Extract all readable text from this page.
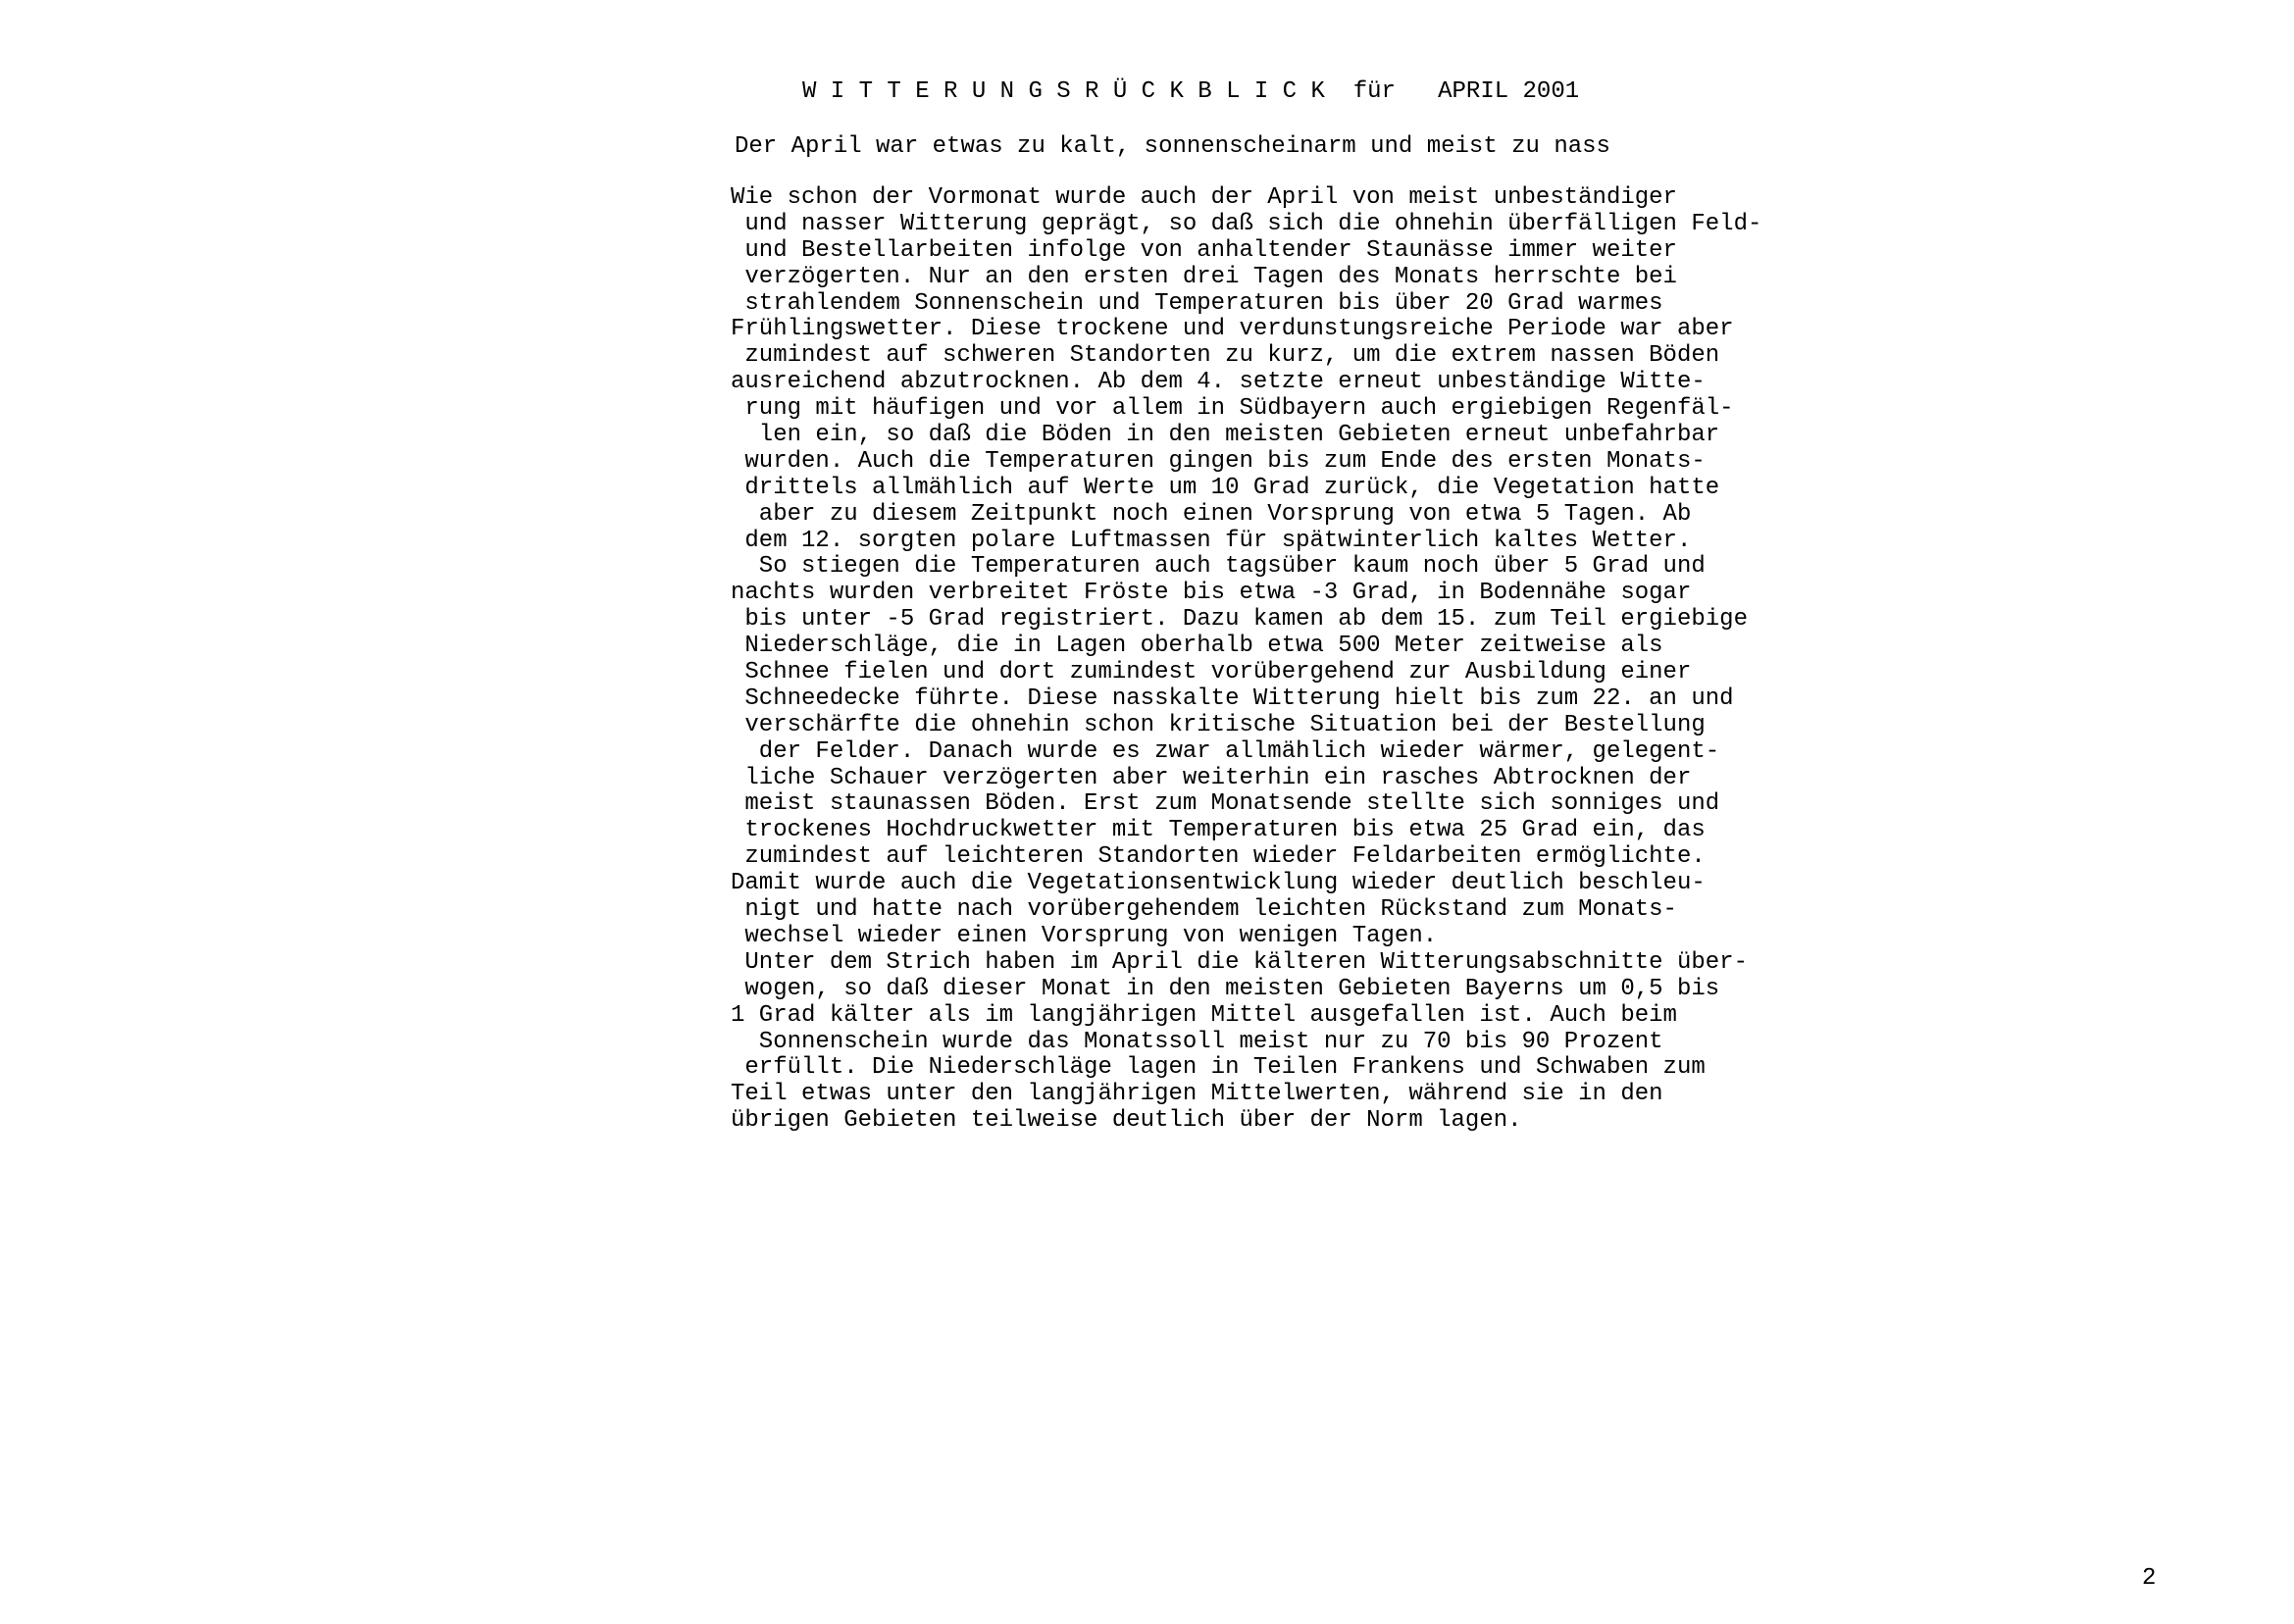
W I T T E R U N G S R Ü C K B L I C K  für   APRIL 2001
Der April war etwas zu kalt, sonnenscheinarm und meist zu nass
Wie schon der Vormonat wurde auch der April von meist unbeständiger
und nasser Witterung geprägt, so daß sich die ohnehin überfälligen Feld-
und Bestellarbeiten infolge von anhaltender Staunässe immer weiter
verzögerten. Nur an den ersten drei Tagen des Monats herrschte bei
strahlendem Sonnenschein und Temperaturen bis über 20 Grad warmes
Frühlingswetter. Diese trockene und verdunstungsreiche Periode war aber
zumindest auf schweren Standorten zu kurz, um die extrem nassen Böden
ausreichend abzutrocknen. Ab dem 4. setzte erneut unbeständige Witte-
rung mit häufigen und vor allem in Südbayern auch ergiebigen Regenfäl-
len ein, so daß die Böden in den meisten Gebieten erneut unbefahrbar
wurden. Auch die Temperaturen gingen bis zum Ende des ersten Monats-
drittels allmählich auf Werte um 10 Grad zurück, die Vegetation hatte
aber zu diesem Zeitpunkt noch einen Vorsprung von etwa 5 Tagen. Ab
dem 12. sorgten polare Luftmassen für spätwinterlich kaltes Wetter.
So stiegen die Temperaturen auch tagsüber kaum noch über 5 Grad und
nachts wurden verbreitet Fröste bis etwa -3 Grad, in Bodennähe sogar
bis unter -5 Grad registriert. Dazu kamen ab dem 15. zum Teil ergiebige
Niederschläge, die in Lagen oberhalb etwa 500 Meter zeitweise als
Schnee fielen und dort zumindest vorübergehend zur Ausbildung einer
Schneedecke führte. Diese nasskalte Witterung hielt bis zum 22. an und
verschärfte die ohnehin schon kritische Situation bei der Bestellung
der Felder. Danach wurde es zwar allmählich wieder wärmer, gelegent-
liche Schauer verzögerten aber weiterhin ein rasches Abtrocknen der
meist staunassen Böden. Erst zum Monatsende stellte sich sonniges und
trockenes Hochdruckwetter mit Temperaturen bis etwa 25 Grad ein, das
zumindest auf leichteren Standorten wieder Feldarbeiten ermöglichte.
Damit wurde auch die Vegetationsentwicklung wieder deutlich beschleu-
nigt und hatte nach vorübergehendem leichten Rückstand zum Monats-
wechsel wieder einen Vorsprung von wenigen Tagen.
Unter dem Strich haben im April die kälteren Witterungsabschnitte über-
wogen, so daß dieser Monat in den meisten Gebieten Bayerns um 0,5 bis
1 Grad kälter als im langjährigen Mittel ausgefallen ist. Auch beim
Sonnenschein wurde das Monatssoll meist nur zu 70 bis 90 Prozent
erfüllt. Die Niederschläge lagen in Teilen Frankens und Schwaben zum
Teil etwas unter den langjährigen Mittelwerten, während sie in den
übrigen Gebieten teilweise deutlich über der Norm lagen.
2
